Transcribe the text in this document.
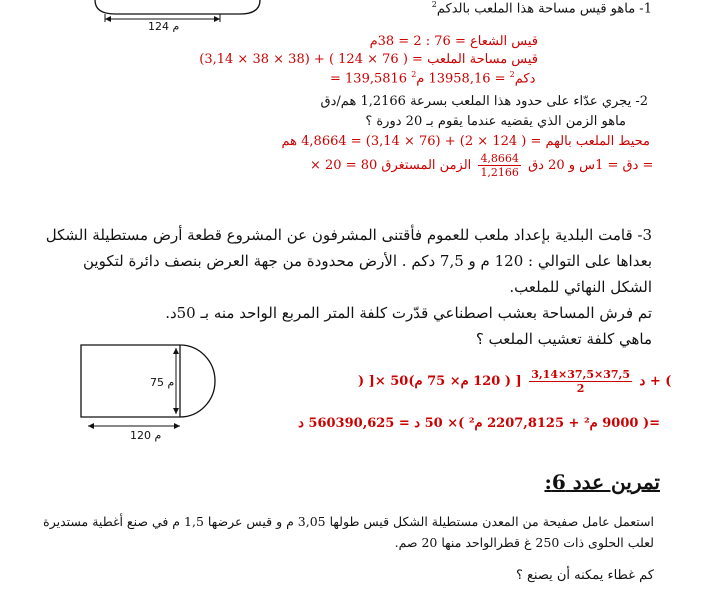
124 م
1- ماهو قيس مساحة هذا الملعب بالدكم$^2$
قيس الشعاع = 76 : 2 = 38م
قيس مساحة الملعب = ( 76 × 124 ) + (38 × 38 × 3,14)
= 139,5816 دكم$^2$ = 13958,16 م$^2$
2- يجري عدّاء على حدود هذا الملعب بسرعة 1,2166 هم/دق
ماهو الزمن الذي يقضيه عندما يقوم بـ 20 دورة ؟
محيط الملعب بالهم = ( 124 × 2) + (76 × 3,14) = 4,8664 هم
× 20 = 80 دق = 1س و 20 دق
$\frac{4,8664}{1,2166}$
الزمن المستغرق =
3- قامت البلدية بإعداد ملعب للعموم فأقتنى المشرفون عن المشروع قطعة أرض مستطيلة الشكل
بعداها على التوالي : 120 م و 7,5 دكم . الأرض محدودة من جهة العرض بنصف دائرة لتكوين
الشكل النهائي للملعب.
تم فرش المساحة بعشب اصطناعي قدّرت كلفة المتر المربع الواحد منه بـ 50د.
ماهي كلفة تعشيب الملعب ؟
75 م
120 م
) ]× 50د
$\frac{3,14\times 37,5\times 37,5}{2}$
[ ( 120 م× 75 م) + (
=( 9000 م² + 2207,8125 م² )× 50 د = 560390,625 د
تمرين عدد 6:
استعمل عامل صفيحة من المعدن مستطيلة الشكل قيس طولها 3,05 م و قيس عرضها 1,5 م في صنع أغطية مستديرة
لعلب الحلوى ذات 250 غ قطرالواحد منها 20 صم.
كم غطاء يمكنه أن يصنع ؟
